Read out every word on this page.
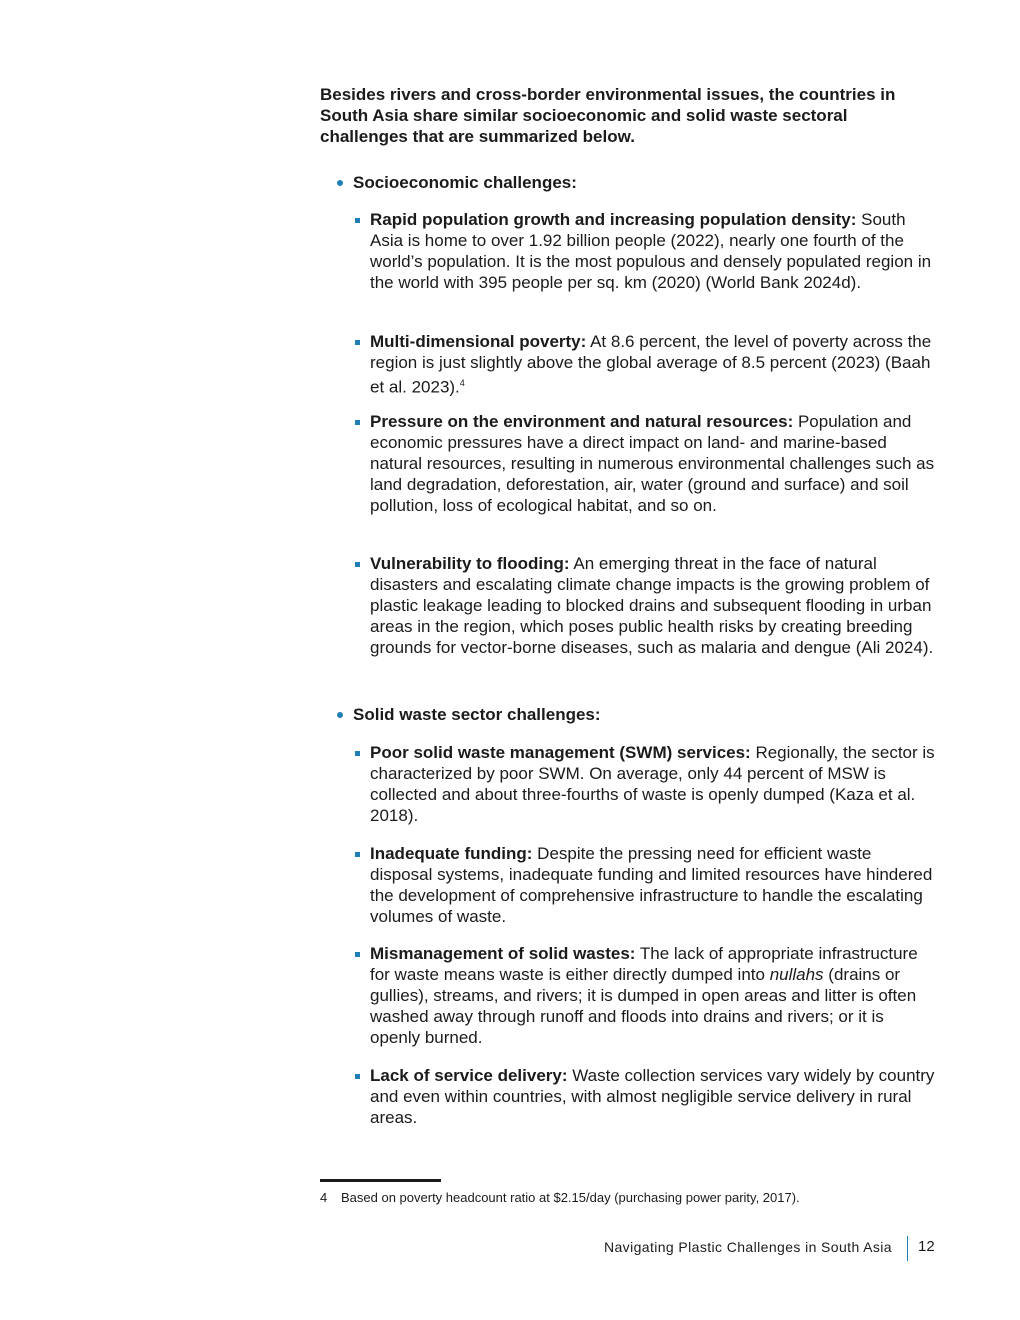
Besides rivers and cross-border environmental issues, the countries in South Asia share similar socioeconomic and solid waste sectoral challenges that are summarized below.

Socioeconomic challenges:

Rapid population growth and increasing population density: South Asia is home to over 1.92 billion people (2022), nearly one fourth of the world’s population. It is the most populous and densely populated region in the world with 395 people per sq. km (2020) (World Bank 2024d).

Multi-dimensional poverty: At 8.6 percent, the level of poverty across the region is just slightly above the global average of 8.5 percent (2023) (Baah et al. 2023).$^4$

Pressure on the environment and natural resources: Population and economic pressures have a direct impact on land- and marine-based natural resources, resulting in numerous environmental challenges such as land degradation, deforestation, air, water (ground and surface) and soil pollution, loss of ecological habitat, and so on.

Vulnerability to flooding: An emerging threat in the face of natural disasters and escalating climate change impacts is the growing problem of plastic leakage leading to blocked drains and subsequent flooding in urban areas in the region, which poses public health risks by creating breeding grounds for vector-borne diseases, such as malaria and dengue (Ali 2024).

Solid waste sector challenges:

Poor solid waste management (SWM) services: Regionally, the sector is characterized by poor SWM. On average, only 44 percent of MSW is collected and about three-fourths of waste is openly dumped (Kaza et al. 2018).

Inadequate funding: Despite the pressing need for efficient waste disposal systems, inadequate funding and limited resources have hindered the development of comprehensive infrastructure to handle the escalating volumes of waste.

Mismanagement of solid wastes: The lack of appropriate infrastructure for waste means waste is either directly dumped into nullahs (drains or gullies), streams, and rivers; it is dumped in open areas and litter is often washed away through runoff and floods into drains and rivers; or it is openly burned.

Lack of service delivery: Waste collection services vary widely by country and even within countries, with almost negligible service delivery in rural areas.

4 Based on poverty headcount ratio at $2.15/day (purchasing power parity, 2017).
Navigating Plastic Challenges in South Asia 12
